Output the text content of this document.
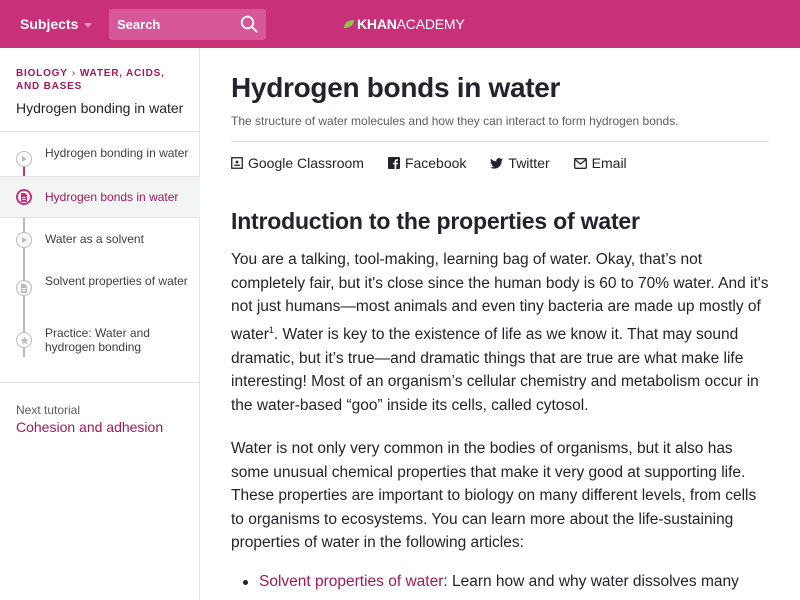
Subjects
Search	KHAN ACADEMY
BIOLOGY › WATER, ACIDS, AND BASES
Hydrogen bonding in water
Hydrogen bonding in water
Hydrogen bonds in water
Water as a solvent
Solvent properties of water
Practice: Water and hydrogen bonding
Next tutorial
Cohesion and adhesion
Hydrogen bonds in water
The structure of water molecules and how they can interact to form hydrogen bonds.
Google Classroom	Facebook	Twitter	Email
Introduction to the properties of water

You are a talking, tool-making, learning bag of water. Okay, that’s not completely fair, but it's close since the human body is 60 to 70% water. And it's not just humans—most animals and even tiny bacteria are made up mostly of water$^1$. Water is key to the existence of life as we know it. That may sound dramatic, but it’s true—and dramatic things that are true are what make life interesting! Most of an organism’s cellular chemistry and metabolism occur in the water-based “goo” inside its cells, called cytosol.

Water is not only very common in the bodies of organisms, but it also has some unusual chemical properties that make it very good at supporting life. These properties are important to biology on many different levels, from cells to organisms to ecosystems. You can learn more about the life-sustaining properties of water in the following articles:

Solvent properties of water: Learn how and why water dissolves many
